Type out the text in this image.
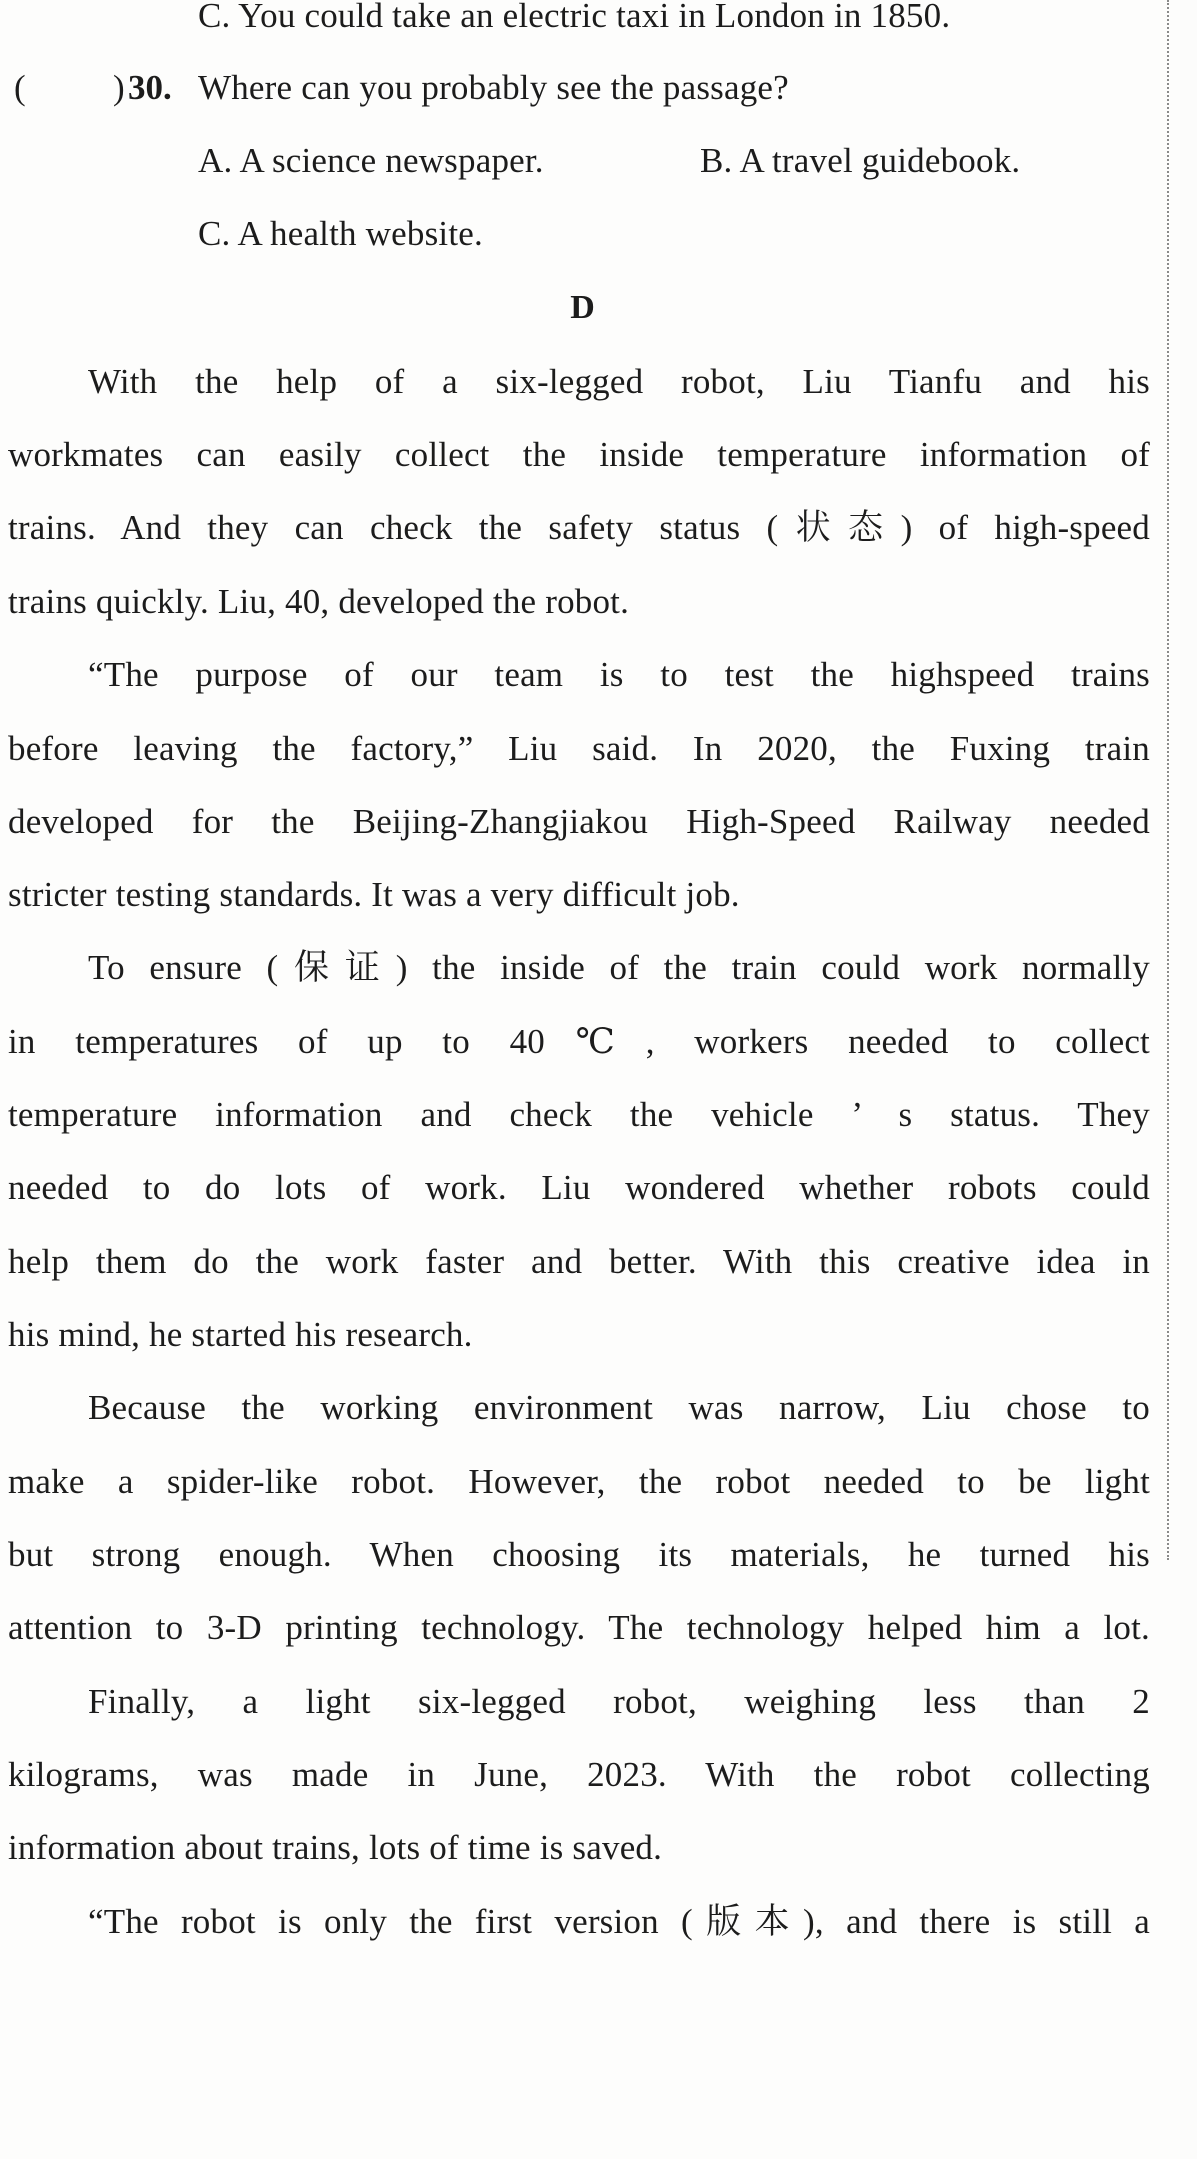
C. You could take an electric taxi in London in 1850.

( ) 30. Where can you probably see the passage?

A. A science newspaper.	B. A travel guidebook.

C. A health website.

D

With the help of a six-legged robot, Liu Tianfu and his

workmates can easily collect the inside temperature information of

trains. And they can check the safety status (状态) of high-speed

trains quickly. Liu, 40, developed the robot.

“The purpose of our team is to test the highspeed trains

before leaving the factory,” Liu said. In 2020, the Fuxing train

developed for the Beijing-Zhangjiakou High-Speed Railway needed

stricter testing standards. It was a very difficult job.

To ensure (保证) the inside of the train could work normally

in temperatures of up to 40℃, workers needed to collect

temperature information and check the vehicle ’ s status. They

needed to do lots of work. Liu wondered whether robots could

help them do the work faster and better. With this creative idea in

his mind, he started his research.

Because the working environment was narrow, Liu chose to

make a spider-like robot. However, the robot needed to be light

but strong enough. When choosing its materials, he turned his

attention to 3-D printing technology. The technology helped him a lot.

Finally, a light six-legged robot, weighing less than 2

kilograms, was made in June, 2023. With the robot collecting

information about trains, lots of time is saved.

“The robot is only the first version (版本), and there is still a
